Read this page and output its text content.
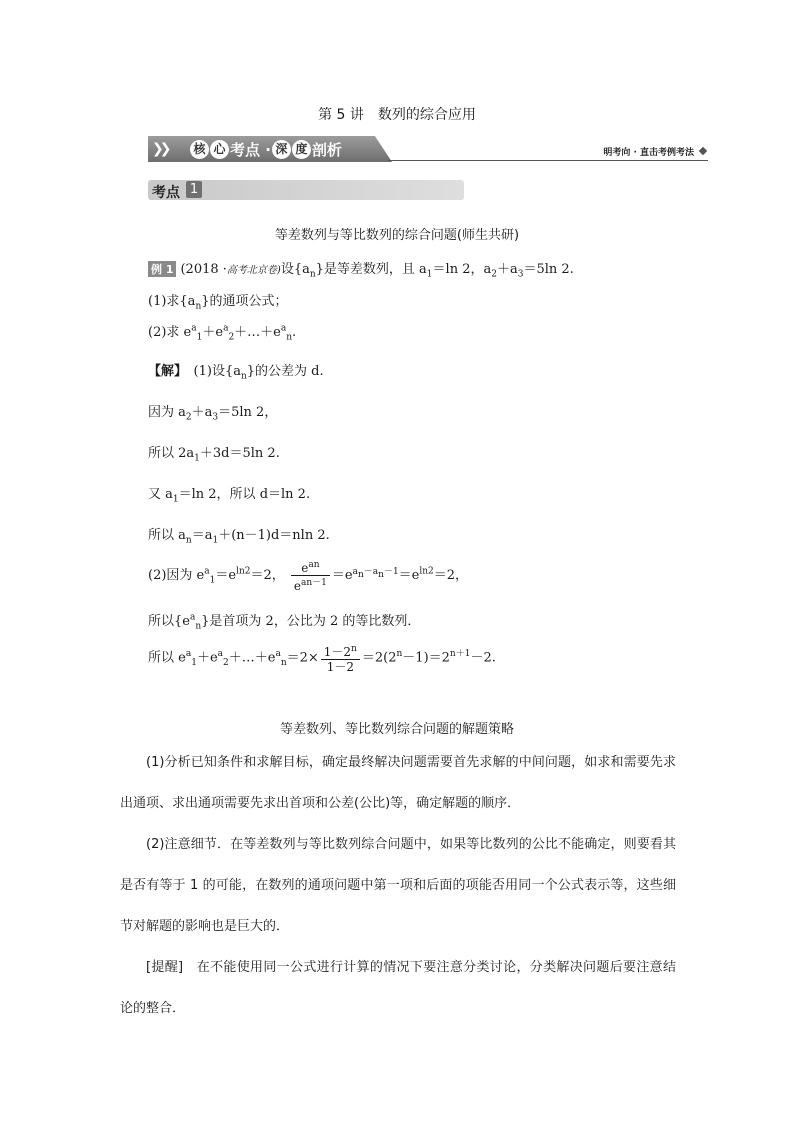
第 5 讲　数列的综合应用
❯❯ 核 心 考点 · 深 度 剖析	明考向 · 直击考例考法
考点 1
等差数列与等比数列的综合问题(师生共研)
例 1 (2018 ·高考北京卷)设$\{a_n\}$是等差数列，且 $a_1=\ln$ 2，$a_2+a_3=5\ln$ 2.
(1)求$\{a_n\}$的通项公式；
(2)求 $e^a_1+e^a_2+\dots+e^a_n$.
【解】　 (1)设$\{a_n\}$的公差为 d.
因为 $a_2+a_3=5\ln$ 2，
所以 $2a_1+3d=5\ln$ 2.
又 $a_1=\ln$ 2，所以 d＝ln 2.
所以 $a_n=a_1+(n-1)d=nln$ 2.
(2)因为 $e^a_1=e^{ln2}=2$， $\frac{e^{an}}{e^{an-1}} =e^{a_n-a_n-1}=e^{ln2}=2$，
所以$\{e^a_n\}$是首项为 2，公比为 2 的等比数列．
所以 $e^a_1+e^a_2+\dots+e^a_n=2\times \frac{1-2^n}{1-2} =2(2^n-1)=2^{n+1}-2$.
等差数列、等比数列综合问题的解题策略
(1)分析已知条件和求解目标，确定最终解决问题需要首先求解的中间问题，如求和需要先求出通项、求出通项需要先求出首项和公差(公比)等，确定解题的顺序．
(2)注意细节．在等差数列与等比数列综合问题中，如果等比数列的公比不能确定，则要看其是否有等于 1 的可能，在数列的通项问题中第一项和后面的项能否用同一个公式表示等，这些细节对解题的影响也是巨大的．
[提醒]　在不能使用同一公式进行计算的情况下要注意分类讨论，分类解决问题后要注意结论的整合．
